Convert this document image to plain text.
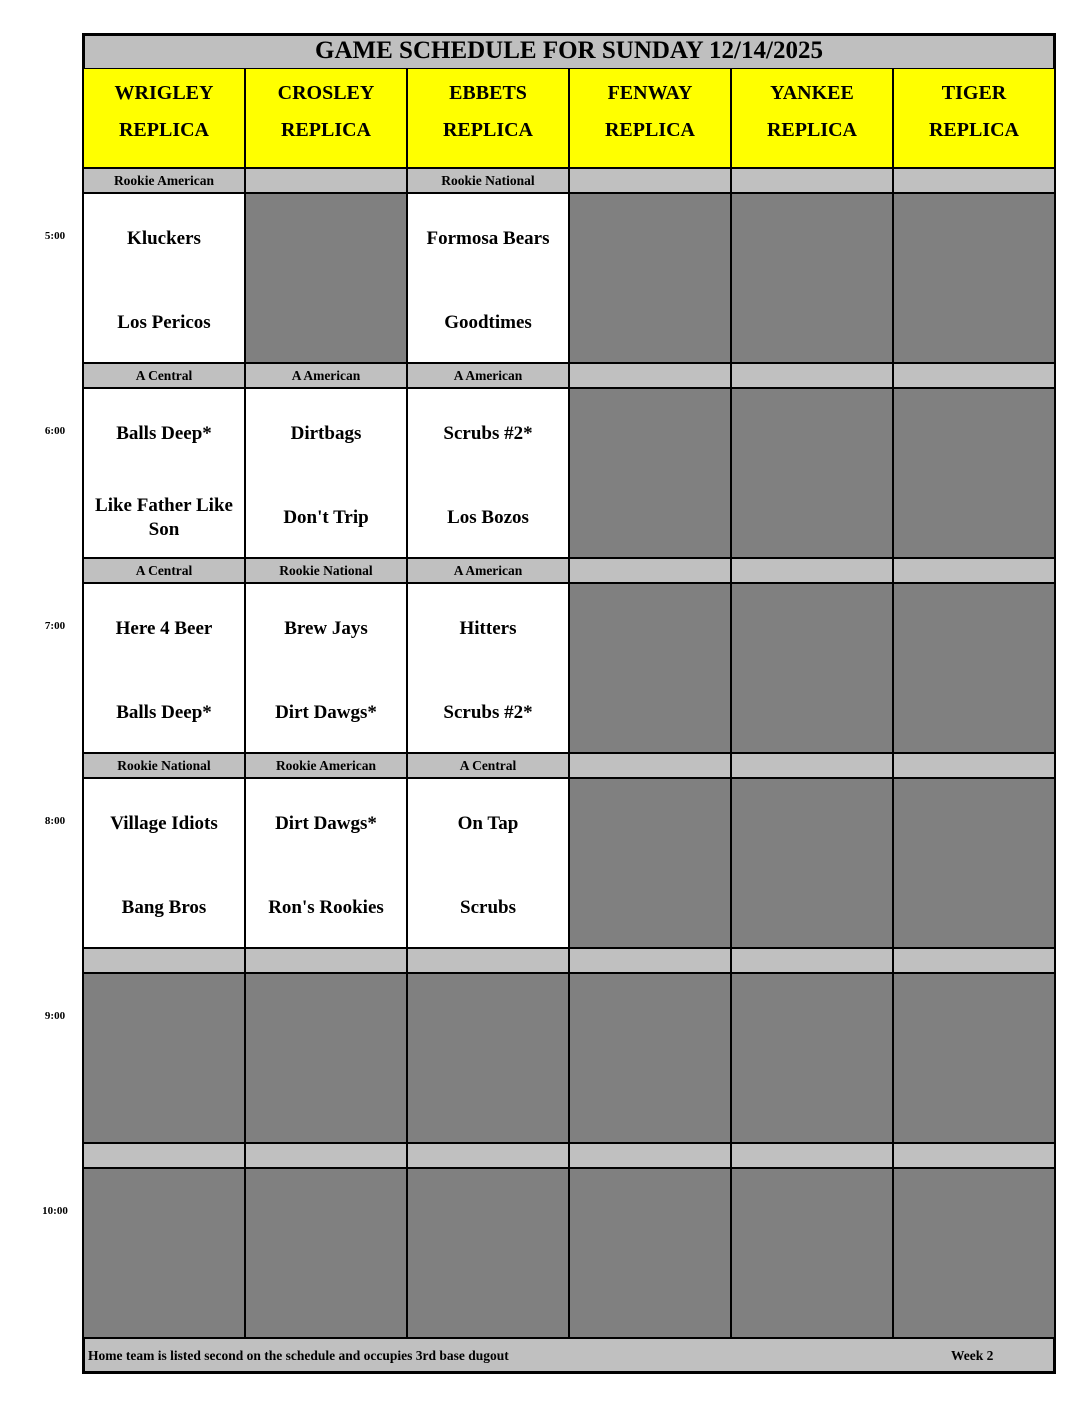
GAME SCHEDULE FOR SUNDAY 12/14/2025
WRIGLEY
REPLICA
CROSLEY
REPLICA
EBBETS
REPLICA
FENWAY
REPLICA
YANKEE
REPLICA
TIGER
REPLICA
5:00
Rookie American
Kluckers
Los Pericos
Rookie National
Formosa Bears
Goodtimes
6:00
A Central
Balls Deep*
Like Father Like Son
A American
Dirtbags
Don't Trip
A American
Scrubs #2*
Los Bozos
7:00
A Central
Here 4 Beer
Balls Deep*
Rookie National
Brew Jays
Dirt Dawgs*
A American
Hitters
Scrubs #2*
8:00
Rookie National
Village Idiots
Bang Bros
Rookie American
Dirt Dawgs*
Ron's Rookies
A Central
On Tap
Scrubs
9:00
10:00
Home team is listed second on the schedule and occupies 3rd base dugout	Week 2
